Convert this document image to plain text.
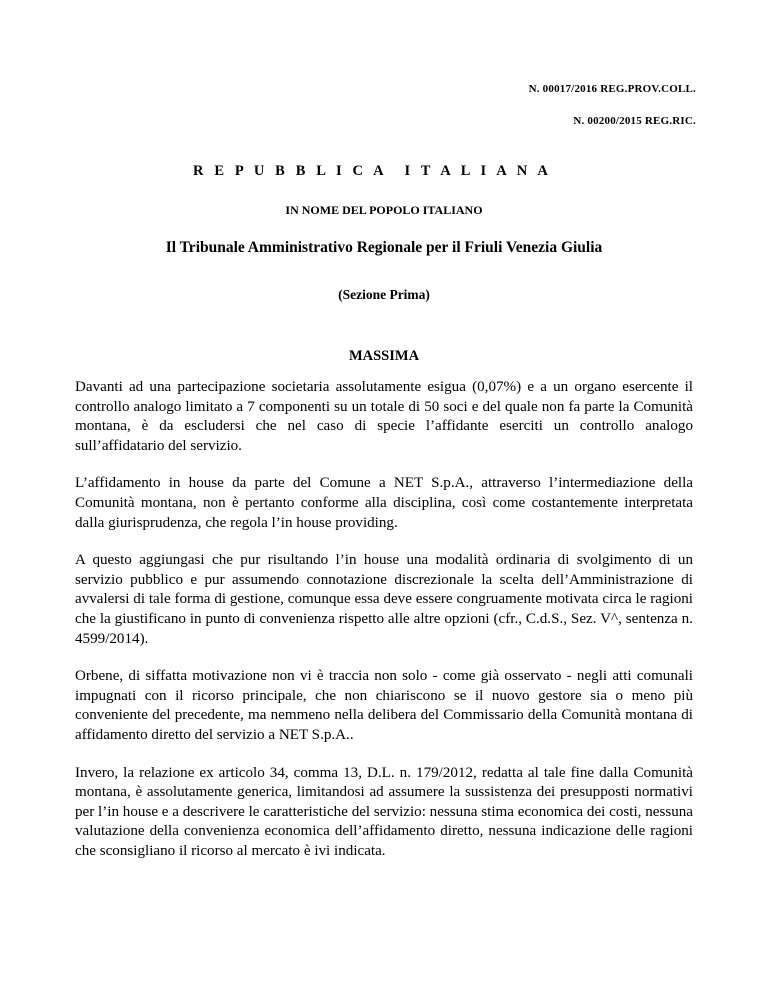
N. 00017/2016 REG.PROV.COLL.
N. 00200/2015 REG.RIC.
R   E   P   U   B   B   L   I   C   A      I   T   A   L   I   A   N   A
IN NOME DEL POPOLO ITALIANO
Il Tribunale Amministrativo Regionale per il Friuli Venezia Giulia
(Sezione Prima)
MASSIMA

Davanti ad una partecipazione societaria assolutamente esigua (0,07%) e a un organo esercente il controllo analogo limitato a 7 componenti su un totale di 50 soci e del quale non fa parte la Comunità montana, è da escludersi che nel caso di specie l’affidante eserciti un controllo analogo sull’affidatario del servizio.

L’affidamento in house da parte del Comune a NET S.p.A., attraverso l’intermediazione della Comunità montana, non è pertanto conforme alla disciplina, così come costantemente interpretata dalla giurisprudenza, che regola l’in house providing.

A questo aggiungasi che pur risultando l’in house una modalità ordinaria di svolgimento di un servizio pubblico e pur assumendo connotazione discrezionale la scelta dell’Amministrazione di avvalersi di tale forma di gestione, comunque essa deve essere congruamente motivata circa le ragioni che la giustificano in punto di convenienza rispetto alle altre opzioni (cfr., C.d.S., Sez. V^, sentenza n. 4599/2014).

Orbene, di siffatta motivazione non vi è traccia non solo - come già osservato - negli atti comunali impugnati con il ricorso principale, che non chiariscono se il nuovo gestore sia o meno più conveniente del precedente, ma nemmeno nella delibera del Commissario della Comunità montana di affidamento diretto del servizio a NET S.p.A..

Invero, la relazione ex articolo 34, comma 13, D.L. n. 179/2012, redatta al tale fine dalla Comunità montana, è assolutamente generica, limitandosi ad assumere la sussistenza dei presupposti normativi per l’in house e a descrivere le caratteristiche del servizio: nessuna stima economica dei costi, nessuna valutazione della convenienza economica dell’affidamento diretto, nessuna indicazione delle ragioni che sconsigliano il ricorso al mercato è ivi indicata.
